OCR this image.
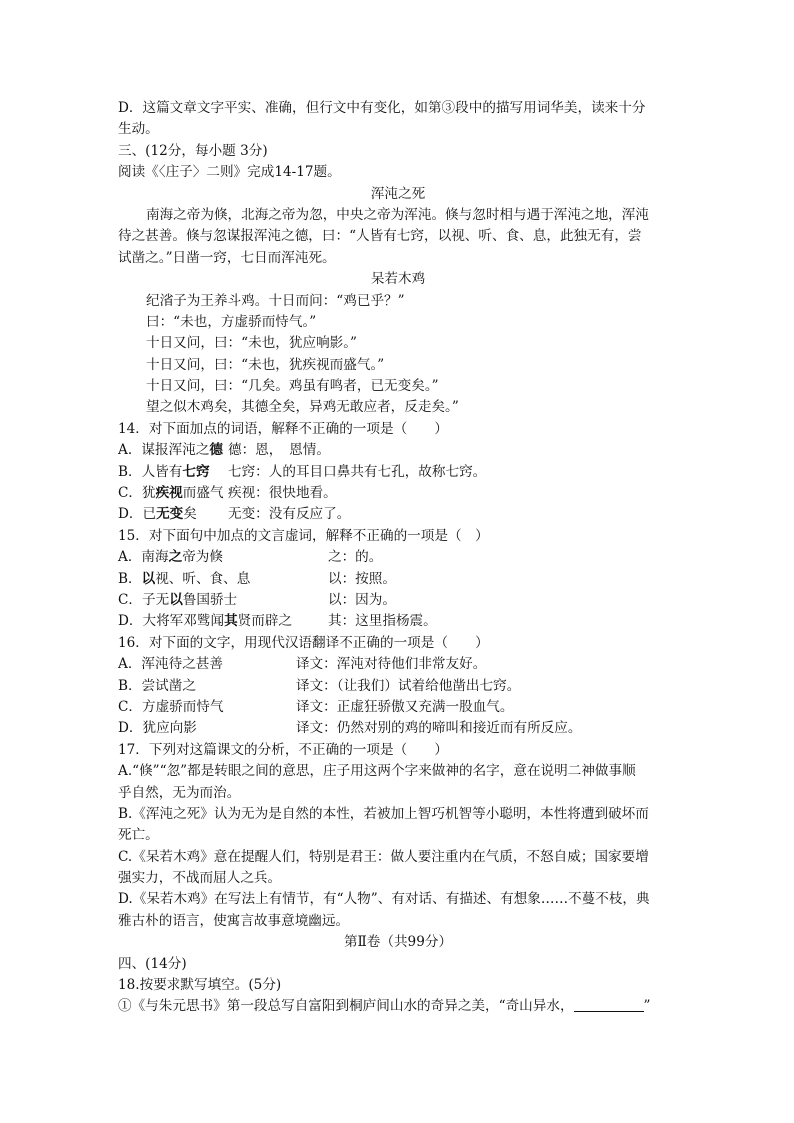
D．这篇文章文字平实、准确，但行文中有变化，如第③段中的描写用词华美，读来十分
生动。
三、(12分，每小题 3分)
阅读《〈庄子〉二则》完成14-17题。
浑沌之死
南海之帝为倏，北海之帝为忽，中央之帝为浑沌。倏与忽时相与遇于浑沌之地，浑沌
待之甚善。倏与忽谋报浑沌之德，曰：“人皆有七窍，以视、听、食、息，此独无有，尝
试凿之。”日凿一窍，七日而浑沌死。
呆若木鸡
纪渻子为王养斗鸡。十日而问：“鸡已乎？”
曰：“未也，方虚骄而恃气。”
十日又问，曰：“未也，犹应响影。”
十日又问，曰：“未也，犹疾视而盛气。”
十日又问，曰：“几矣。鸡虽有鸣者，已无变矣。”
望之似木鸡矣，其德全矣，异鸡无敢应者，反走矣。”
14．对下面加点的词语，解释不正确的一项是（　　）
A．谋报浑沌之德 德：恩，　恩情。
B．人皆有七窍 七窍：人的耳目口鼻共有七孔，故称七窍。
C．犹疾视而盛气 疾视：很快地看。
D．已无变矣 无变：没有反应了。
15．对下面句中加点的文言虚词，解释不正确的一项是（　）
A．南海之帝为倏	之：的。
B．以视、听、食、息	以：按照。
C．子无以鲁国骄士	以：因为。
D．大将军邓骘闻其贤而辟之	其：这里指杨震。
16．对下面的文字，用现代汉语翻译不正确的一项是（　　）
A．浑沌待之甚善	译文：浑沌对待他们非常友好。
B．尝试凿之	译文：（让我们）试着给他凿出七窍。
C．方虚骄而恃气	译文：正虚狂骄傲又充满一股血气。
D．犹应向影	译文：仍然对别的鸡的啼叫和接近而有所反应。
17．下列对这篇课文的分析，不正确的一项是（　　）
A.“倏”“忽”都是转眼之间的意思，庄子用这两个字来做神的名字，意在说明二神做事顺
乎自然，无为而治。
B.《浑沌之死》认为无为是自然的本性，若被加上智巧机智等小聪明，本性将遭到破坏而
死亡。
C.《呆若木鸡》意在提醒人们，特别是君王：做人要注重内在气质，不怒自威；国家要增
强实力，不战而屈人之兵。
D.《呆若木鸡》在写法上有情节，有“人物”、有对话、有描述、有想象……不蔓不枝，典
雅古朴的语言，使寓言故事意境幽远。
第Ⅱ卷（共99分）
四、(14分)
18.按要求默写填空。(5分)
①《与朱元思书》第一段总写自富阳到桐庐间山水的奇异之美，“奇山异水，	”
